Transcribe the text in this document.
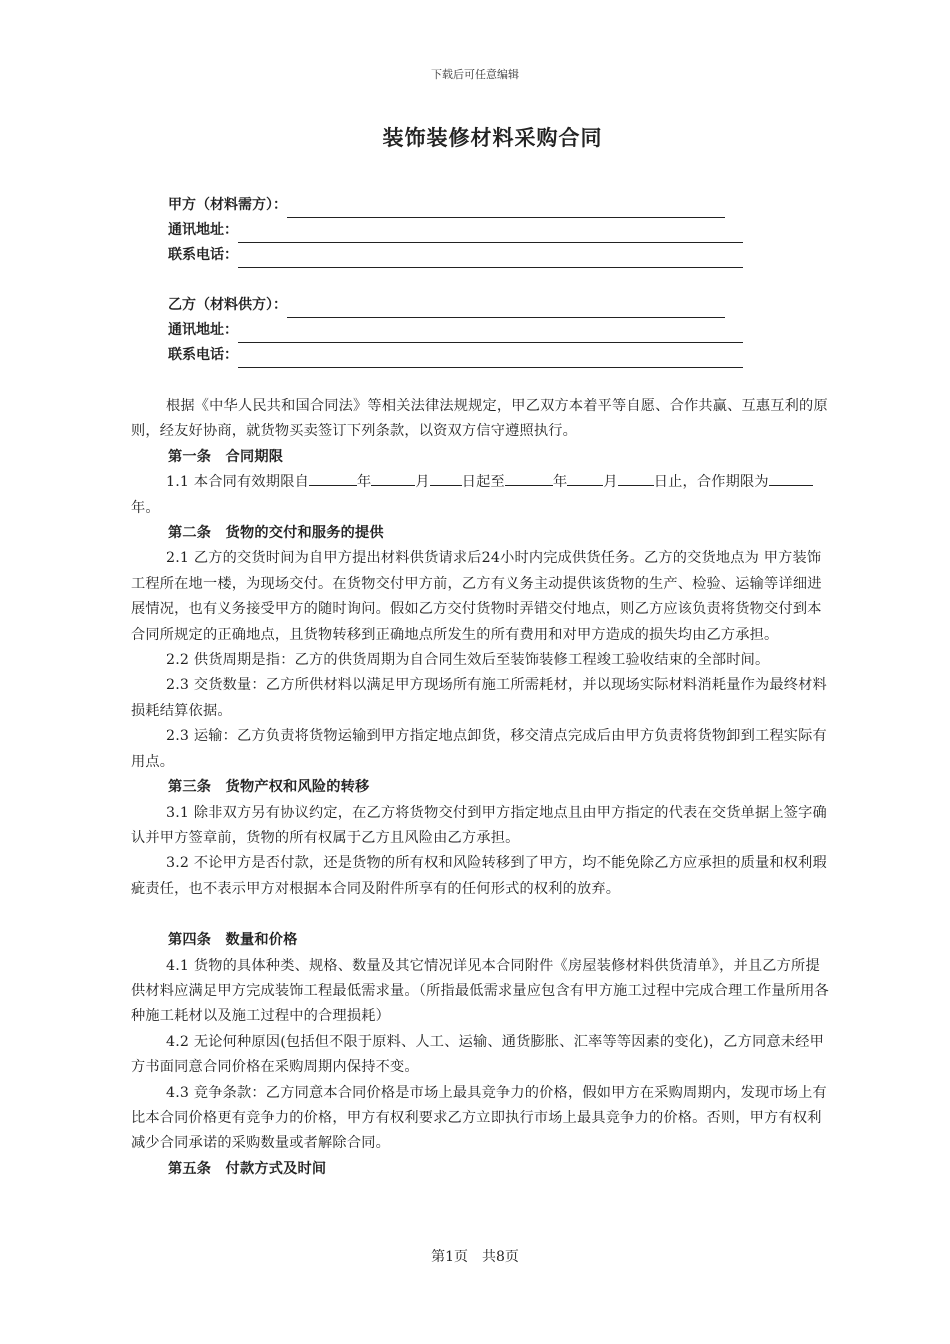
下载后可任意编辑
装饰装修材料采购合同
甲方（材料需方）：
通讯地址：
联系电话：
乙方（材料供方）：
通讯地址：
联系电话：

根据《中华人民共和国合同法》等相关法律法规规定，甲乙双方本着平等自愿、合作共赢、互惠互利的原则，经友好协商，就货物买卖签订下列条款，以资双方信守遵照执行。

第一条　合同期限

1.1 本合同有效期限自	年	月 日起至	年	月	日止，合作期限为年。

第二条　货物的交付和服务的提供

2.1 乙方的交货时间为自甲方提出材料供货请求后24小时内完成供货任务。乙方的交货地点为 甲方装饰工程所在地一楼，为现场交付。在货物交付甲方前，乙方有义务主动提供该货物的生产、检验、运输等详细进展情况，也有义务接受甲方的随时询问。假如乙方交付货物时弄错交付地点，则乙方应该负责将货物交付到本合同所规定的正确地点，且货物转移到正确地点所发生的所有费用和对甲方造成的损失均由乙方承担。

2.2 供货周期是指：乙方的供货周期为自合同生效后至装饰装修工程竣工验收结束的全部时间。

2.3 交货数量：乙方所供材料以满足甲方现场所有施工所需耗材，并以现场实际材料消耗量作为最终材料损耗结算依据。

2.3 运输：乙方负责将货物运输到甲方指定地点卸货，移交清点完成后由甲方负责将货物卸到工程实际有用点。

第三条　货物产权和风险的转移

3.1 除非双方另有协议约定，在乙方将货物交付到甲方指定地点且由甲方指定的代表在交货单据上签字确认并甲方签章前，货物的所有权属于乙方且风险由乙方承担。

3.2 不论甲方是否付款，还是货物的所有权和风险转移到了甲方，均不能免除乙方应承担的质量和权利瑕疵责任，也不表示甲方对根据本合同及附件所享有的任何形式的权利的放弃。

第四条　数量和价格

4.1 货物的具体种类、规格、数量及其它情况详见本合同附件《房屋装修材料供货清单》，并且乙方所提供材料应满足甲方完成装饰工程最低需求量。（所指最低需求量应包含有甲方施工过程中完成合理工作量所用各种施工耗材以及施工过程中的合理损耗）

4.2 无论何种原因(包括但不限于原料、人工、运输、通货膨胀、汇率等等因素的变化)，乙方同意未经甲方书面同意合同价格在采购周期内保持不变。

4.3 竞争条款：乙方同意本合同价格是市场上最具竞争力的价格，假如甲方在采购周期内，发现市场上有比本合同价格更有竞争力的价格，甲方有权利要求乙方立即执行市场上最具竞争力的价格。否则，甲方有权利减少合同承诺的采购数量或者解除合同。

第五条　付款方式及时间

第1页　共8页
